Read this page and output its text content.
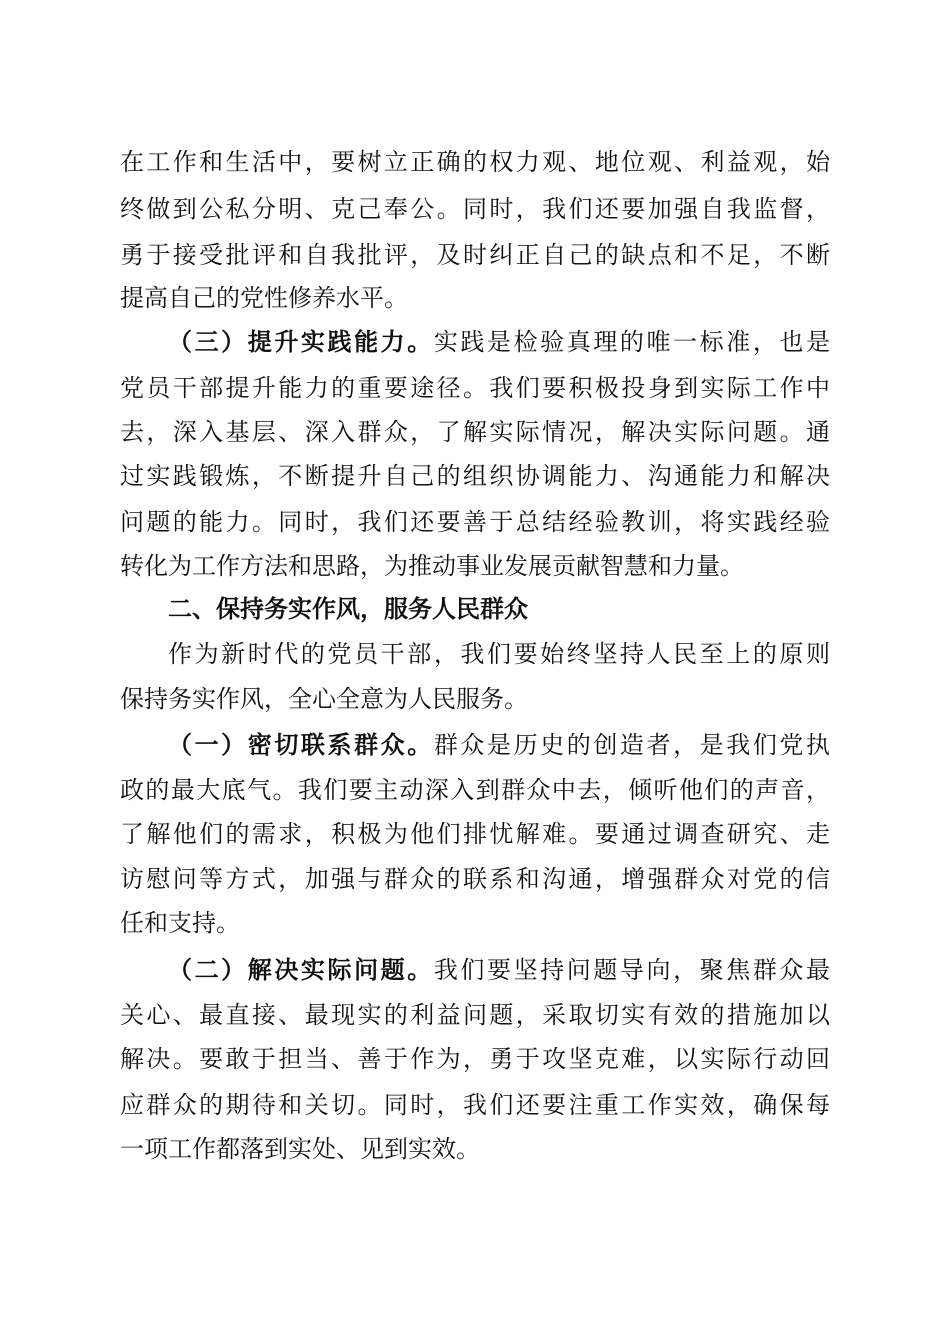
在工作和生活中，要树立正确的权力观、地位观、利益观，始
终做到公私分明、克己奉公。同时，我们还要加强自我监督，
勇于接受批评和自我批评，及时纠正自己的缺点和不足，不断
提高自己的党性修养水平。
（三）提升实践能力。实践是检验真理的唯一标准，也是
党员干部提升能力的重要途径。我们要积极投身到实际工作中
去，深入基层、深入群众，了解实际情况，解决实际问题。通
过实践锻炼，不断提升自己的组织协调能力、沟通能力和解决
问题的能力。同时，我们还要善于总结经验教训，将实践经验
转化为工作方法和思路，为推动事业发展贡献智慧和力量。
二、保持务实作风，服务人民群众
作为新时代的党员干部，我们要始终坚持人民至上的原则
保持务实作风，全心全意为人民服务。
（一）密切联系群众。群众是历史的创造者，是我们党执
政的最大底气。我们要主动深入到群众中去，倾听他们的声音，
了解他们的需求，积极为他们排忧解难。要通过调查研究、走
访慰问等方式，加强与群众的联系和沟通，增强群众对党的信
任和支持。
（二）解决实际问题。我们要坚持问题导向，聚焦群众最
关心、最直接、最现实的利益问题，采取切实有效的措施加以
解决。要敢于担当、善于作为，勇于攻坚克难，以实际行动回
应群众的期待和关切。同时，我们还要注重工作实效，确保每
一项工作都落到实处、见到实效。
